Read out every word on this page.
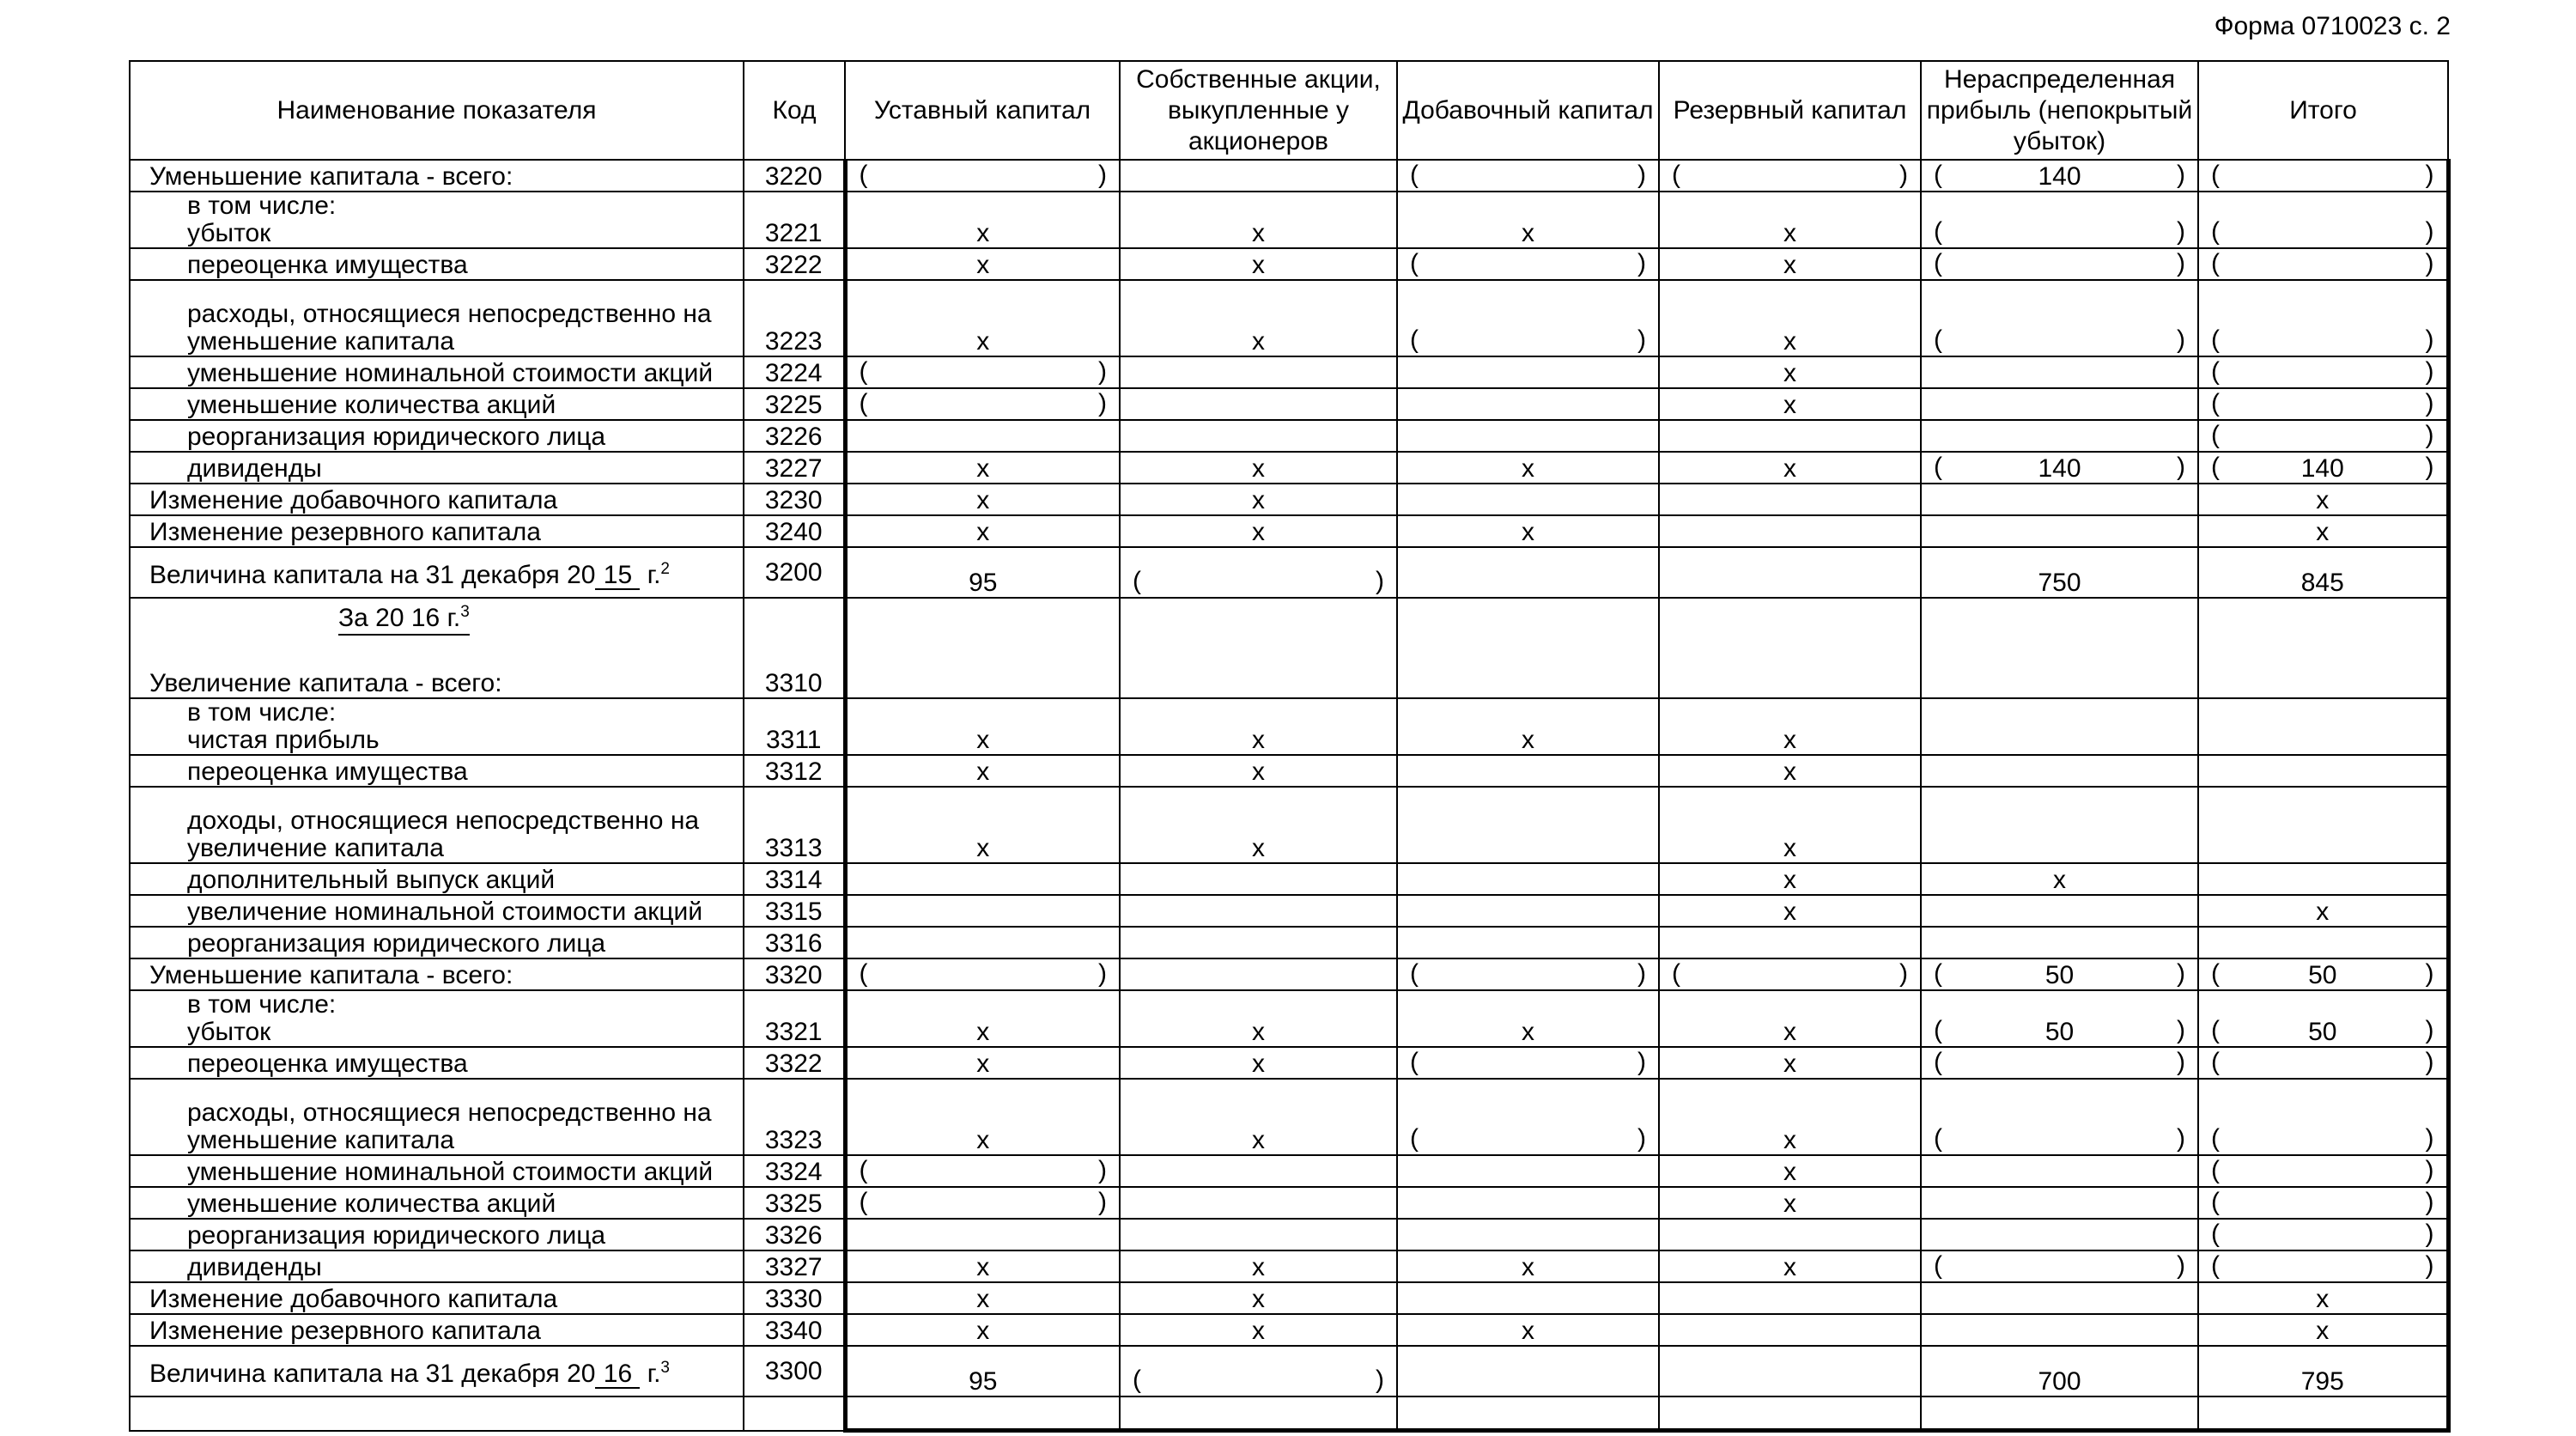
Форма 0710023 с. 2
Наименование показателя	Код	Уставный капитал	Собственные акции, выкупленные у акционеров	Добавочный капитал	Резервный капитал	Нераспределенная прибыль (непокрытый убыток)	Итого
Уменьшение капитала - всего:	3220	( )		( )	( )	( 140 )	( )

в том числе:
убыток	3221	x	x	x	x	( )	( )
переоценка имущества	3222	x	x	( )	x	( )	( )

расходы, относящиеся непосредственно на
уменьшение капитала	3223	x	x	( )	x	( )	( )
уменьшение номинальной стоимости акций	3224	( )			x		( )
уменьшение количества акций	3225	( )			x		( )
реорганизация юридического лица	3226						( )
дивиденды	3227	x	x	x	x	( 140 )	( 140 )
Изменение добавочного капитала	3230	x	x				x
Изменение резервного капитала	3240	x	x	x			x
Величина капитала на 31 декабря 20 15 г.$^2$	3200	95	( )			750	845

За 20 16 г.$^3$
Увеличение капитала - всего:	3310						

в том числе:
чистая прибыль	3311	x	x	x	x		
переоценка имущества	3312	x	x		x		

доходы, относящиеся непосредственно на
увеличение капитала	3313	x	x		x		
дополнительный выпуск акций	3314				x	x	
увеличение номинальной стоимости акций	3315				x		x
реорганизация юридического лица	3316						
Уменьшение капитала - всего:	3320	( )		( )	( )	( 50 )	( 50 )

в том числе:
убыток	3321	x	x	x	x	( 50 )	( 50 )
переоценка имущества	3322	x	x	( )	x	( )	( )

расходы, относящиеся непосредственно на
уменьшение капитала	3323	x	x	( )	x	( )	( )
уменьшение номинальной стоимости акций	3324	( )			x		( )
уменьшение количества акций	3325	( )			x		( )
реорганизация юридического лица	3326						( )
дивиденды	3327	x	x	x	x	( )	( )
Изменение добавочного капитала	3330	x	x				x
Изменение резервного капитала	3340	x	x	x			x
Величина капитала на 31 декабря 20 16 г.$^3$	3300	95	( )			700	795
